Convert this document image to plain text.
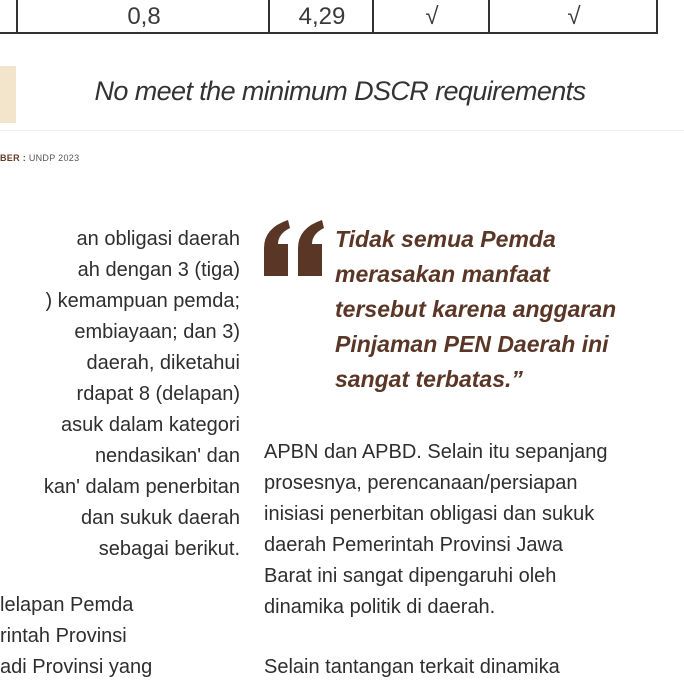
0,8	4,29	√	√
No meet the minimum DSCR requirements
BER : UNDP 2023
an obligasi daerah
ah dengan 3 (tiga)
) kemampuan pemda;
embiayaan; dan 3)
daerah, diketahui
rdapat 8 (delapan)
asuk dalam kategori
nendasikan' dan
kan' dalam penerbitan
dan sukuk daerah
sebagai berikut.
lelapan Pemda
rintah Provinsi
adi Provinsi yang
Tidak semua Pemda
merasakan manfaat
tersebut karena anggaran
Pinjaman PEN Daerah ini
sangat terbatas.”
APBN dan APBD. Selain itu sepanjang
prosesnya, perencanaan/persiapan
inisiasi penerbitan obligasi dan sukuk
daerah Pemerintah Provinsi Jawa
Barat ini sangat dipengaruhi oleh
dinamika politik di daerah.
Selain tantangan terkait dinamika
